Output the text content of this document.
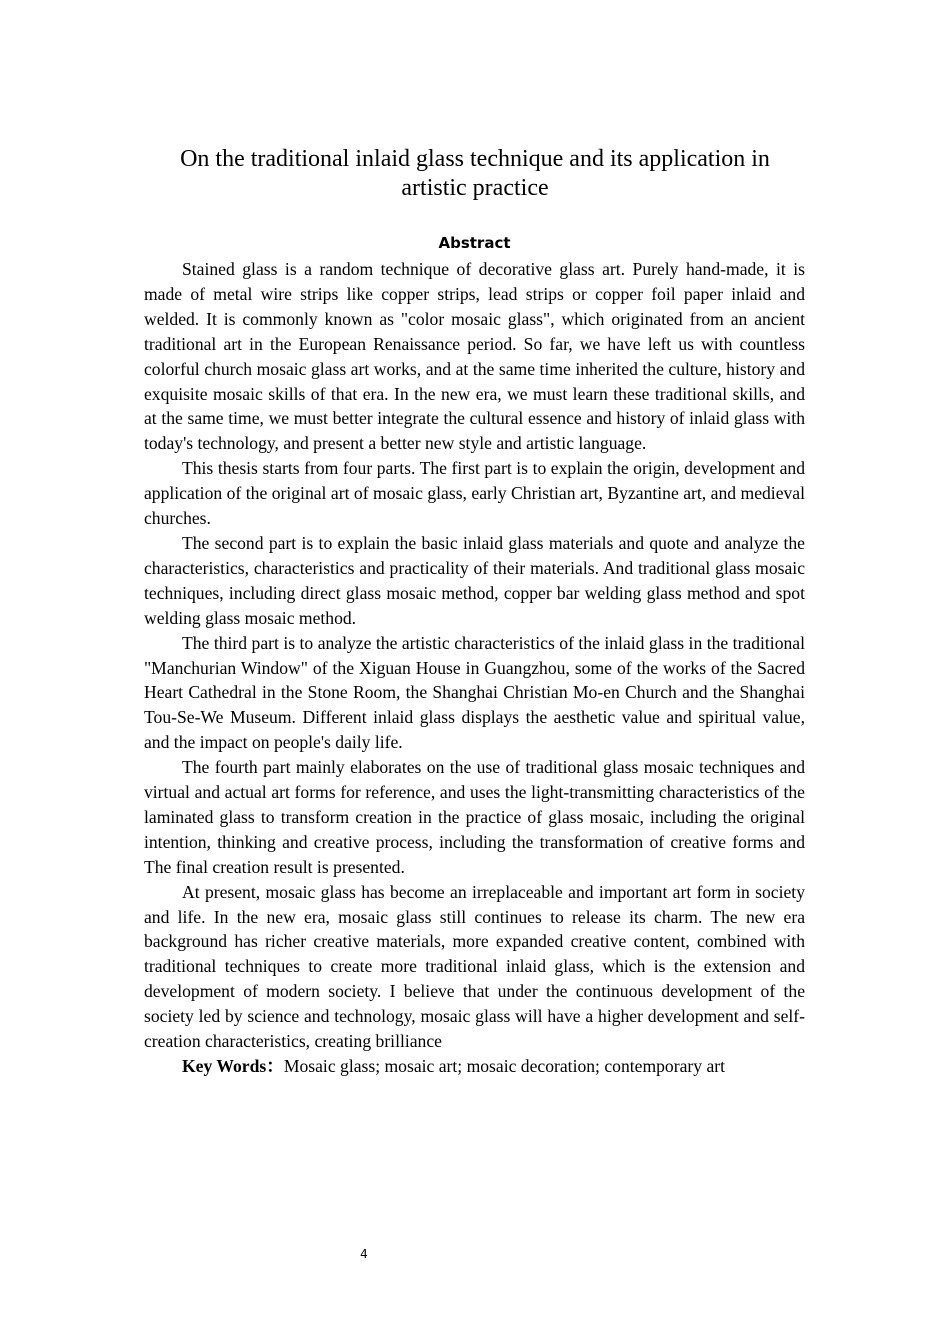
On the traditional inlaid glass technique and its application in artistic practice
Abstract

Stained glass is a random technique of decorative glass art. Purely hand-made, it is made of metal wire strips like copper strips, lead strips or copper foil paper inlaid and welded. It is commonly known as "color mosaic glass", which originated from an ancient traditional art in the European Renaissance period. So far, we have left us with countless colorful church mosaic glass art works, and at the same time inherited the culture, history and exquisite mosaic skills of that era. In the new era, we must learn these traditional skills, and at the same time, we must better integrate the cultural essence and history of inlaid glass with today's technology, and present a better new style and artistic language.

This thesis starts from four parts. The first part is to explain the origin, development and application of the original art of mosaic glass, early Christian art, Byzantine art, and medieval churches.

The second part is to explain the basic inlaid glass materials and quote and analyze the characteristics, characteristics and practicality of their materials. And traditional glass mosaic techniques, including direct glass mosaic method, copper bar welding glass method and spot welding glass mosaic method.

The third part is to analyze the artistic characteristics of the inlaid glass in the traditional "Manchurian Window" of the Xiguan House in Guangzhou, some of the works of the Sacred Heart Cathedral in the Stone Room, the Shanghai Christian Mo-en Church and the Shanghai Tou-Se-We Museum. Different inlaid glass displays the aesthetic value and spiritual value, and the impact on people's daily life.

The fourth part mainly elaborates on the use of traditional glass mosaic techniques and virtual and actual art forms for reference, and uses the light-transmitting characteristics of the laminated glass to transform creation in the practice of glass mosaic, including the original intention, thinking and creative process, including the transformation of creative forms and The final creation result is presented.

At present, mosaic glass has become an irreplaceable and important art form in society and life. In the new era, mosaic glass still continues to release its charm. The new era background has richer creative materials, more expanded creative content, combined with traditional techniques to create more traditional inlaid glass, which is the extension and development of modern society. I believe that under the continuous development of the society led by science and technology, mosaic glass will have a higher development and self-creation characteristics, creating brilliance

Key Words：Mosaic glass; mosaic art; mosaic decoration; contemporary art

4
